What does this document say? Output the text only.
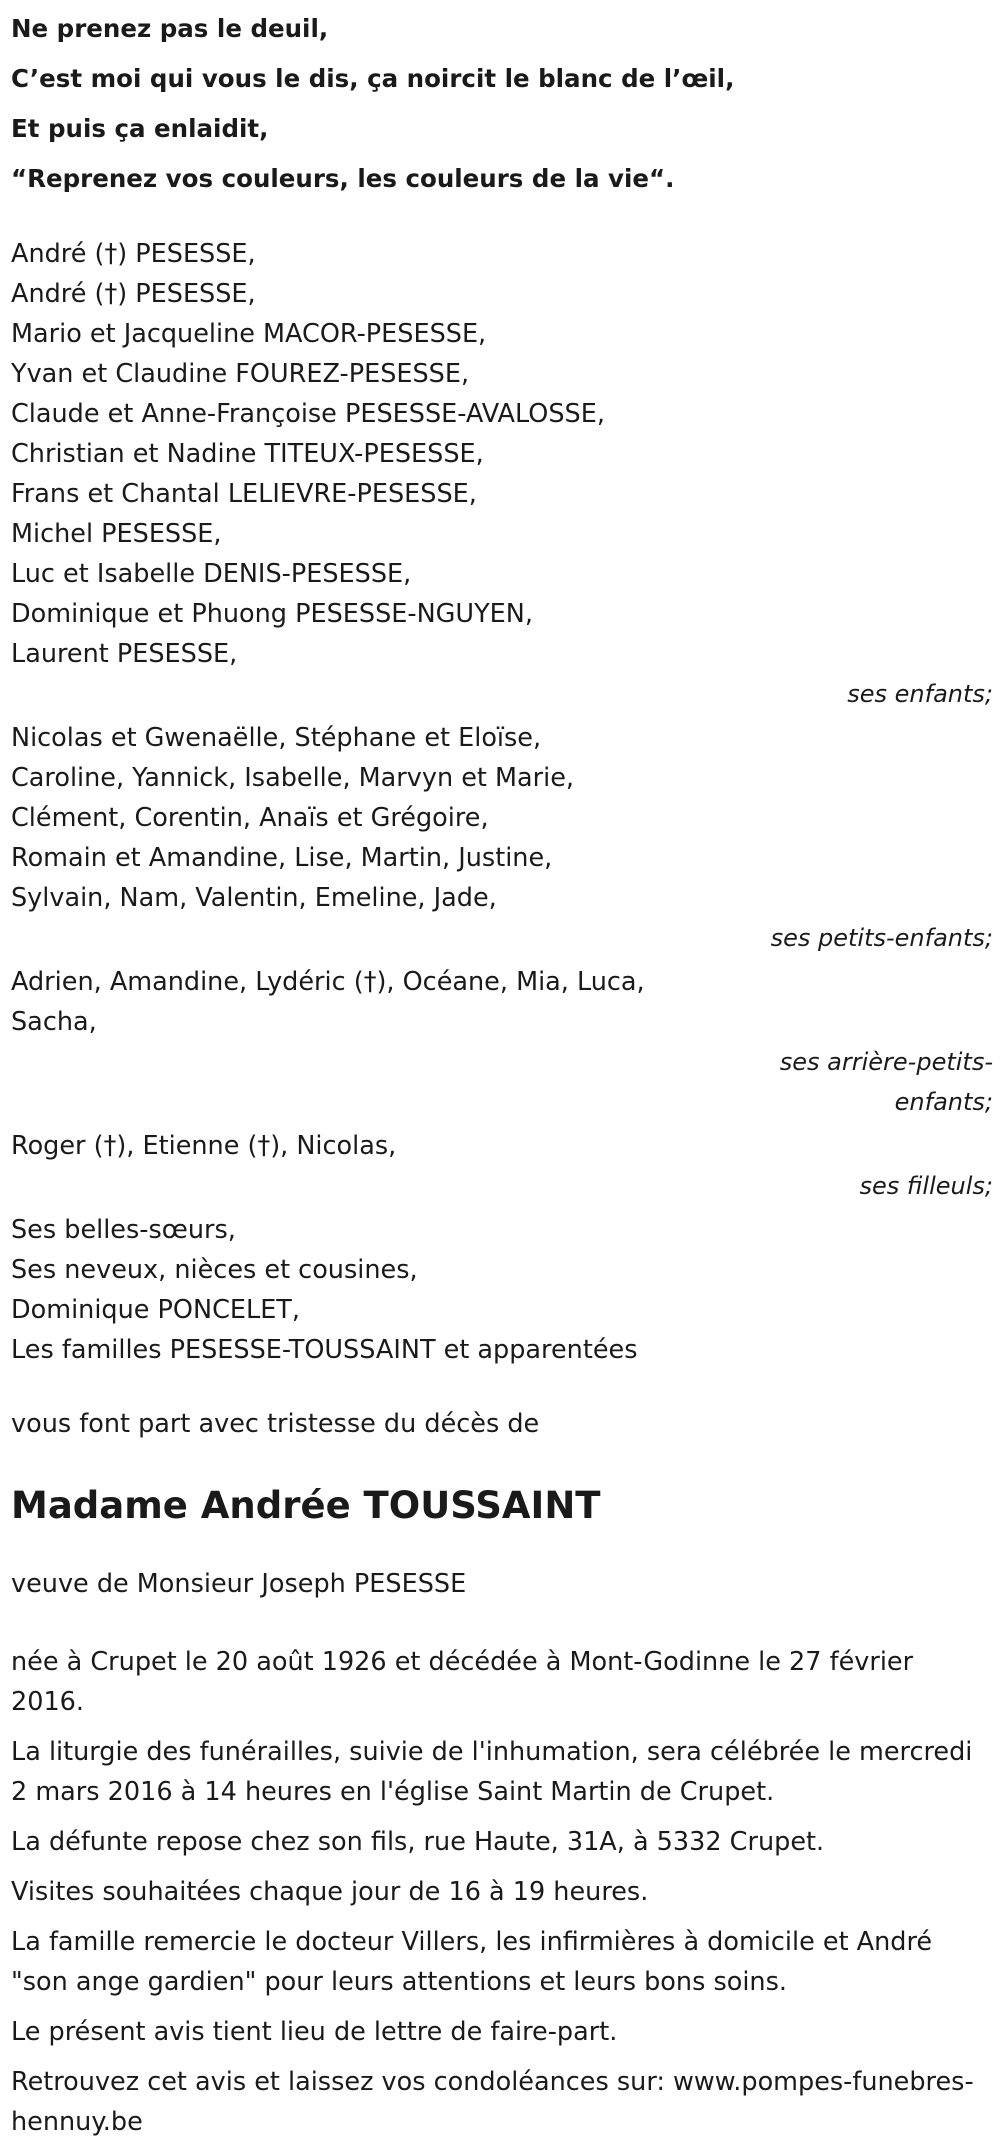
Ne prenez pas le deuil,
C’est moi qui vous le dis, ça noircit le blanc de l’œil,
Et puis ça enlaidit,
“Reprenez vos couleurs, les couleurs de la vie“.
André (†) PESESSE,
André (†) PESESSE,
Mario et Jacqueline MACOR-PESESSE,
Yvan et Claudine FOUREZ-PESESSE,
Claude et Anne-Françoise PESESSE-AVALOSSE,
Christian et Nadine TITEUX-PESESSE,
Frans et Chantal LELIEVRE-PESESSE,
Michel PESESSE,
Luc et Isabelle DENIS-PESESSE,
Dominique et Phuong PESESSE-NGUYEN,
Laurent PESESSE,
ses enfants;
Nicolas et Gwenaëlle, Stéphane et Eloïse,
Caroline, Yannick, Isabelle, Marvyn et Marie,
Clément, Corentin, Anaïs et Grégoire,
Romain et Amandine, Lise, Martin, Justine,
Sylvain, Nam, Valentin, Emeline, Jade,
ses petits-enfants;
Adrien, Amandine, Lydéric (†), Océane, Mia, Luca,
Sacha,
ses arrière-petits-
enfants;
Roger (†), Etienne (†), Nicolas,
ses filleuls;
Ses belles-sœurs,
Ses neveux, nièces et cousines,
Dominique PONCELET,
Les familles PESESSE-TOUSSAINT et apparentées
vous font part avec tristesse du décès de
Madame Andrée TOUSSAINT
veuve de Monsieur Joseph PESESSE
née à Crupet le 20 août 1926 et décédée à Mont-Godinne le 27 février 2016.
La liturgie des funérailles, suivie de l'inhumation, sera célébrée le mercredi 2 mars 2016 à 14 heures en l'église Saint Martin de Crupet.
La défunte repose chez son fils, rue Haute, 31A, à 5332 Crupet.
Visites souhaitées chaque jour de 16 à 19 heures.
La famille remercie le docteur Villers, les infirmières à domicile et André "son ange gardien" pour leurs attentions et leurs bons soins.
Le présent avis tient lieu de lettre de faire-part.
Retrouvez cet avis et laissez vos condoléances sur: www.pompes-funebres-hennuy.be
